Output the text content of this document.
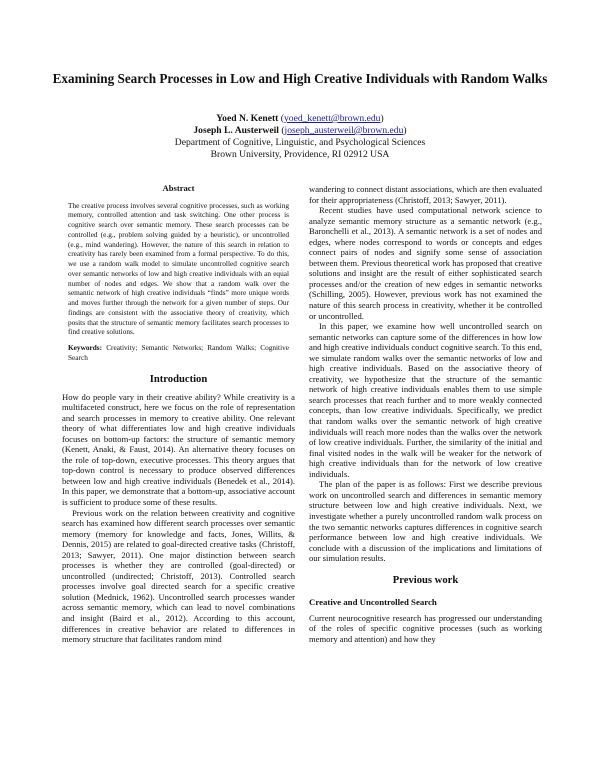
Examining Search Processes in Low and High Creative Individuals with Random Walks
Yoed N. Kenett (yoed_kenett@brown.edu)
Joseph L. Austerweil (joseph_austerweil@brown.edu)
Department of Cognitive, Linguistic, and Psychological Sciences
Brown University, Providence, RI 02912 USA
Abstract

The creative process involves several cognitive processes, such as working memory, controlled attention and task switching. One other process is cognitive search over semantic memory. These search processes can be controlled (e.g., problem solving guided by a heuristic), or uncontrolled (e.g., mind wandering). However, the nature of this search in relation to creativity has rarely been examined from a formal perspective. To do this, we use a random walk model to simulate uncontrolled cognitive search over semantic networks of low and high creative individuals with an equal number of nodes and edges. We show that a random walk over the semantic network of high creative individuals “finds” more unique words and moves further through the network for a given number of steps. Our findings are consistent with the associative theory of creativity, which posits that the structure of semantic memory facilitates search processes to find creative solutions.

Keywords: Creativity; Semantic Networks; Random Walks; Cognitive Search

Introduction

How do people vary in their creative ability? While creativity is a multifaceted construct, here we focus on the role of representation and search processes in memory to creative ability. One relevant theory of what differentiates low and high creative individuals focuses on bottom-up factors: the structure of semantic memory (Kenett, Anaki, & Faust, 2014). An alternative theory focuses on the role of top-down, executive processes. This theory argues that top-down control is necessary to produce observed differences between low and high creative individuals (Benedek et al., 2014). In this paper, we demonstrate that a bottom-up, associative account is sufficient to produce some of these results.

Previous work on the relation between creativity and cognitive search has examined how different search processes over semantic memory (memory for knowledge and facts, Jones, Willits, & Dennis, 2015) are related to goal-directed creative tasks (Christoff, 2013; Sawyer, 2011). One major distinction between search processes is whether they are controlled (goal-directed) or uncontrolled (undirected; Christoff, 2013). Controlled search processes involve goal directed search for a specific creative solution (Mednick, 1962). Uncontrolled search processes wander across semantic memory, which can lead to novel combinations and insight (Baird et al., 2012). According to this account, differences in creative behavior are related to differences in memory structure that facilitates random mind

wandering to connect distant associations, which are then evaluated for their appropriateness (Christoff, 2013; Sawyer, 2011).

Recent studies have used computational network science to analyze semantic memory structure as a semantic network (e.g., Baronchelli et al., 2013). A semantic network is a set of nodes and edges, where nodes correspond to words or concepts and edges connect pairs of nodes and signify some sense of association between them. Previous theoretical work has proposed that creative solutions and insight are the result of either sophisticated search processes and/or the creation of new edges in semantic networks (Schilling, 2005). However, previous work has not examined the nature of this search process in creativity, whether it be controlled or uncontrolled.

In this paper, we examine how well uncontrolled search on semantic networks can capture some of the differences in how low and high creative individuals conduct cognitive search. To this end, we simulate random walks over the semantic networks of low and high creative individuals. Based on the associative theory of creativity, we hypothesize that the structure of the semantic network of high creative individuals enables them to use simple search processes that reach further and to more weakly connected concepts, than low creative individuals. Specifically, we predict that random walks over the semantic network of high creative individuals will reach more nodes than the walks over the network of low creative individuals. Further, the similarity of the initial and final visited nodes in the walk will be weaker for the network of high creative individuals than for the network of low creative individuals.

The plan of the paper is as follows: First we describe previous work on uncontrolled search and differences in semantic memory structure between low and high creative individuals. Next, we investigate whether a purely uncontrolled random walk process on the two semantic networks captures differences in cognitive search performance between low and high creative individuals. We conclude with a discussion of the implications and limitations of our simulation results.

Previous work
Creative and Uncontrolled Search

Current neurocognitive research has progressed our understanding of the roles of specific cognitive processes (such as working memory and attention) and how they
